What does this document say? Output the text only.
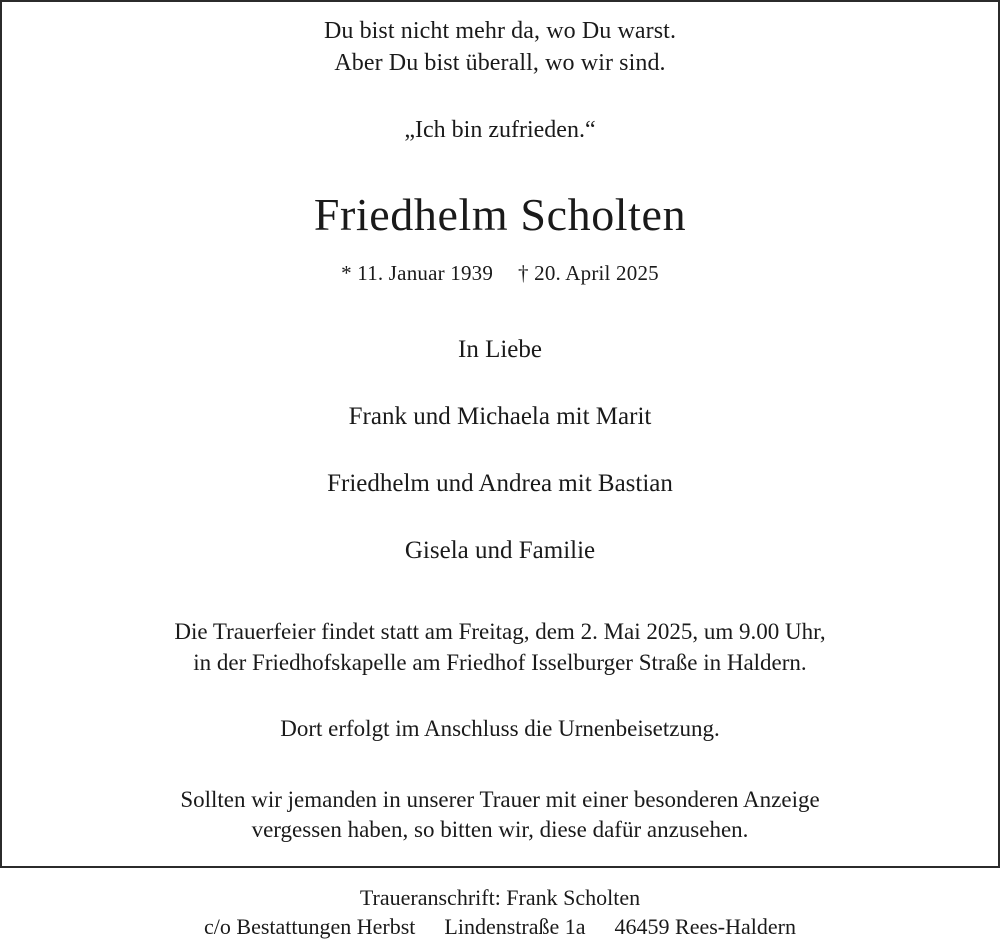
Du bist nicht mehr da, wo Du warst.
Aber Du bist überall, wo wir sind.
„Ich bin zufrieden.“
Friedhelm Scholten
* 11. Januar 1939 † 20. April 2025
In Liebe
Frank und Michaela mit Marit
Friedhelm und Andrea mit Bastian
Gisela und Familie
Die Trauerfeier findet statt am Freitag, dem 2. Mai 2025, um 9.00 Uhr,
in der Friedhofskapelle am Friedhof Isselburger Straße in Haldern.
Dort erfolgt im Anschluss die Urnenbeisetzung.
Sollten wir jemanden in unserer Trauer mit einer besonderen Anzeige
vergessen haben, so bitten wir, diese dafür anzusehen.
Traueranschrift: Frank Scholten
c/o Bestattungen Herbst Lindenstraße 1a 46459 Rees-Haldern
